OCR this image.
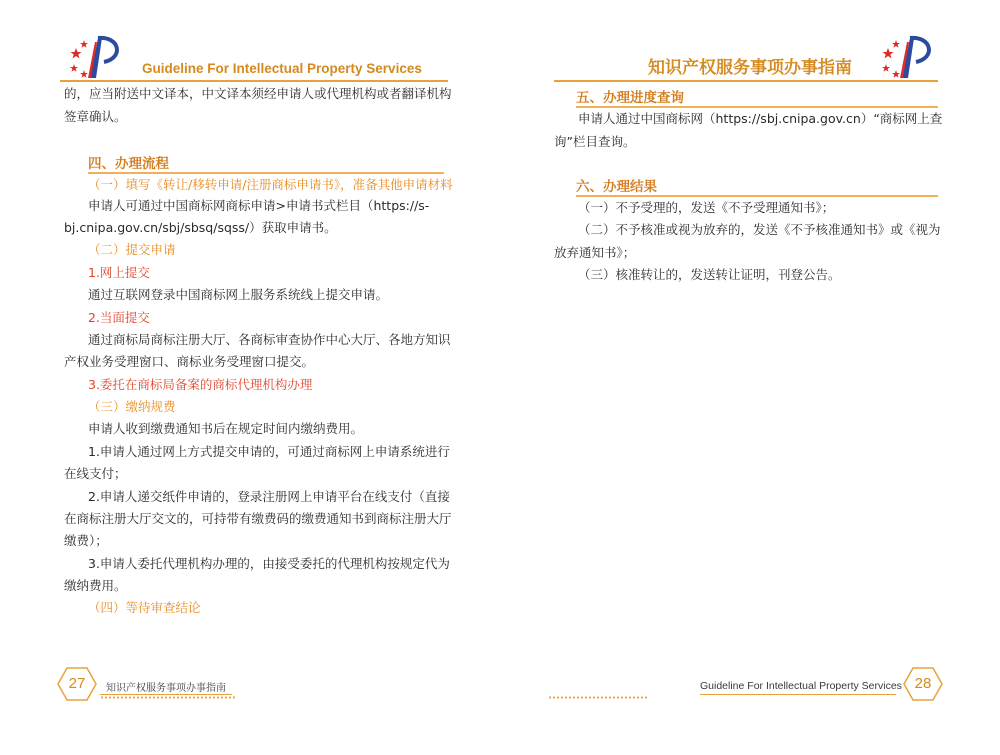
Guideline For Intellectual Property Services
的，应当附送中文译本，中文译本须经申请人或代理机构或者翻译机构
签章确认。
四、办理流程
（一）填写《转让/移转申请/注册商标申请书》，准备其他申请材料
申请人可通过中国商标网商标申请>申请书式栏目（https://s-
bj.cnipa.gov.cn/sbj/sbsq/sqss/）获取申请书。
（二）提交申请
1.网上提交
通过互联网登录中国商标网上服务系统线上提交申请。
2.当面提交
通过商标局商标注册大厅、各商标审查协作中心大厅、各地方知识
产权业务受理窗口、商标业务受理窗口提交。
3.委托在商标局备案的商标代理机构办理
（三）缴纳规费
申请人收到缴费通知书后在规定时间内缴纳费用。
1.申请人通过网上方式提交申请的，可通过商标网上申请系统进行
在线支付；
2.申请人递交纸件申请的，登录注册网上申请平台在线支付（直接
在商标注册大厅交文的，可持带有缴费码的缴费通知书到商标注册大厅
缴费）；
3.申请人委托代理机构办理的，由接受委托的代理机构按规定代为
缴纳费用。
（四）等待审查结论
27	知识产权服务事项办事指南
知识产权服务事项办事指南
五、办理进度查询
申请人通过中国商标网（https://sbj.cnipa.gov.cn）“商标网上查
询”栏目查询。
六、办理结果
（一）不予受理的，发送《不予受理通知书》；
（二）不予核准或视为放弃的，发送《不予核准通知书》或《视为
放弃通知书》；
（三）核准转让的，发送转让证明，刊登公告。
Guideline For Intellectual Property Services 28
